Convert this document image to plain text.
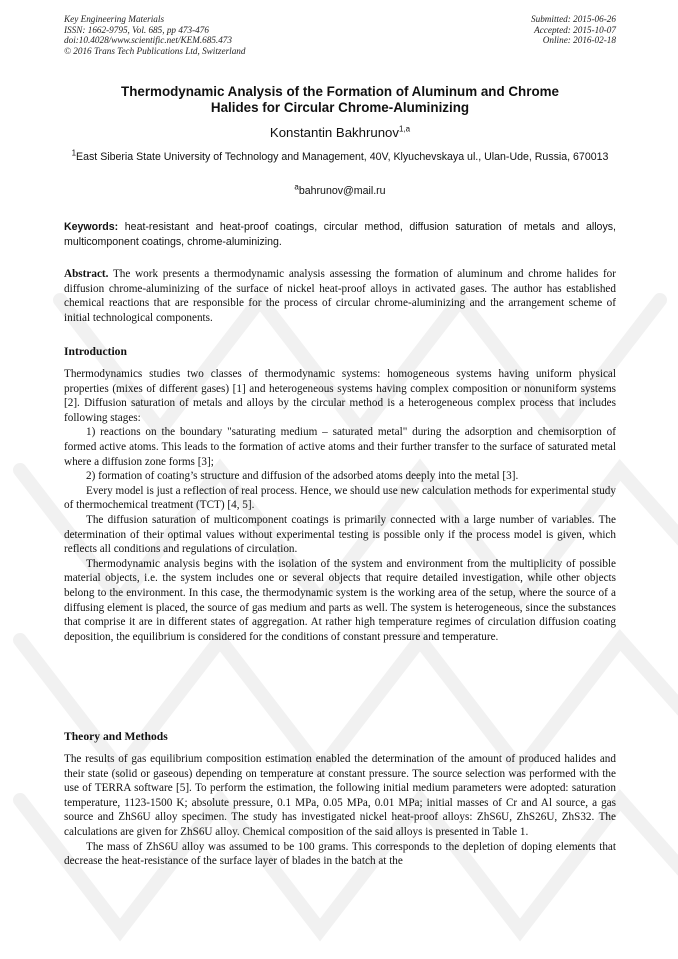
Key Engineering Materials
ISSN: 1662-9795, Vol. 685, pp 473-476
doi:10.4028/www.scientific.net/KEM.685.473
© 2016 Trans Tech Publications Ltd, Switzerland
Submitted: 2015-06-26
Accepted: 2015-10-07
Online: 2016-02-18
Thermodynamic Analysis of the Formation of Aluminum and Chrome
Halides for Circular Chrome-Aluminizing
Konstantin Bakhrunov$^{1,a}$
$^1$East Siberia State University of Technology and Management, 40V, Klyuchevskaya ul., Ulan-Ude, Russia, 670013
$^a$bahrunov@mail.ru
Keywords: heat-resistant and heat-proof coatings, circular method, diffusion saturation of metals and alloys, multicomponent coatings, chrome-aluminizing.

Abstract. The work presents a thermodynamic analysis assessing the formation of aluminum and chrome halides for diffusion chrome-aluminizing of the surface of nickel heat-proof alloys in activated gases. The author has established chemical reactions that are responsible for the process of circular chrome-aluminizing and the arrangement scheme of initial technological components.

Introduction

Thermodynamics studies two classes of thermodynamic systems: homogeneous systems having uniform physical properties (mixes of different gases) [1] and heterogeneous systems having complex composition or nonuniform systems [2]. Diffusion saturation of metals and alloys by the circular method is a heterogeneous complex process that includes following stages:

1) reactions on the boundary "saturating medium – saturated metal" during the adsorption and chemisorption of formed active atoms. This leads to the formation of active atoms and their further transfer to the surface of saturated metal where a diffusion zone forms [3];

2) formation of coating’s structure and diffusion of the adsorbed atoms deeply into the metal [3].

Every model is just a reflection of real process. Hence, we should use new calculation methods for experimental study of thermochemical treatment (TCT) [4, 5].

The diffusion saturation of multicomponent coatings is primarily connected with a large number of variables. The determination of their optimal values without experimental testing is possible only if the process model is given, which reflects all conditions and regulations of circulation.

Thermodynamic analysis begins with the isolation of the system and environment from the multiplicity of possible material objects, i.e. the system includes one or several objects that require detailed investigation, while other objects belong to the environment. In this case, the thermodynamic system is the working area of the setup, where the source of a diffusing element is placed, the source of gas medium and parts as well. The system is heterogeneous, since the substances that comprise it are in different states of aggregation. At rather high temperature regimes of circulation diffusion coating deposition, the equilibrium is considered for the conditions of constant pressure and temperature.

Theory and Methods

The results of gas equilibrium composition estimation enabled the determination of the amount of produced halides and their state (solid or gaseous) depending on temperature at constant pressure. The source selection was performed with the use of TERRA software [5]. To perform the estimation, the following initial medium parameters were adopted: saturation temperature, 1123-1500 K; absolute pressure, 0.1 MPa, 0.05 MPa, 0.01 MPa; initial masses of Cr and Al source, a gas source and ZhS6U alloy specimen. The study has investigated nickel heat-proof alloys: ZhS6U, ZhS26U, ZhS32. The calculations are given for ZhS6U alloy. Chemical composition of the said alloys is presented in Table 1.

The mass of ZhS6U alloy was assumed to be 100 grams. This corresponds to the depletion of doping elements that decrease the heat-resistance of the surface layer of blades in the batch at the
